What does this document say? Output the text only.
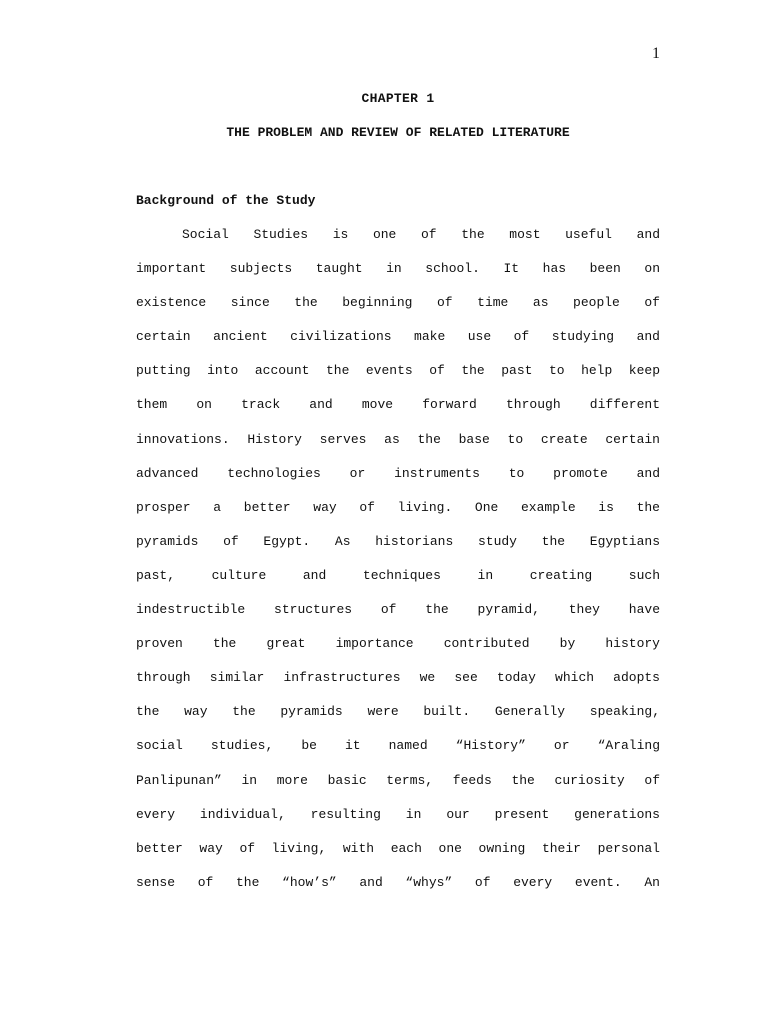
1
CHAPTER 1
THE PROBLEM AND REVIEW OF RELATED LITERATURE
Background of the Study
Social Studies is one of the most useful and
important subjects taught in school. It has been on
existence since the beginning of time as people of
certain ancient civilizations make use of studying and
putting into account the events of the past to help keep
them on track and move forward through different
innovations. History serves as the base to create certain
advanced technologies or instruments to promote and
prosper a better way of living. One example is the
pyramids of Egypt. As historians study the Egyptians
past, culture and techniques in creating such
indestructible structures of the pyramid, they have
proven the great importance contributed by history
through similar infrastructures we see today which adopts
the way the pyramids were built. Generally speaking,
social studies, be it named “History” or “Araling
Panlipunan” in more basic terms, feeds the curiosity of
every individual, resulting in our present generations
better way of living, with each one owning their personal
sense of the “how’s” and “whys” of every event. An
